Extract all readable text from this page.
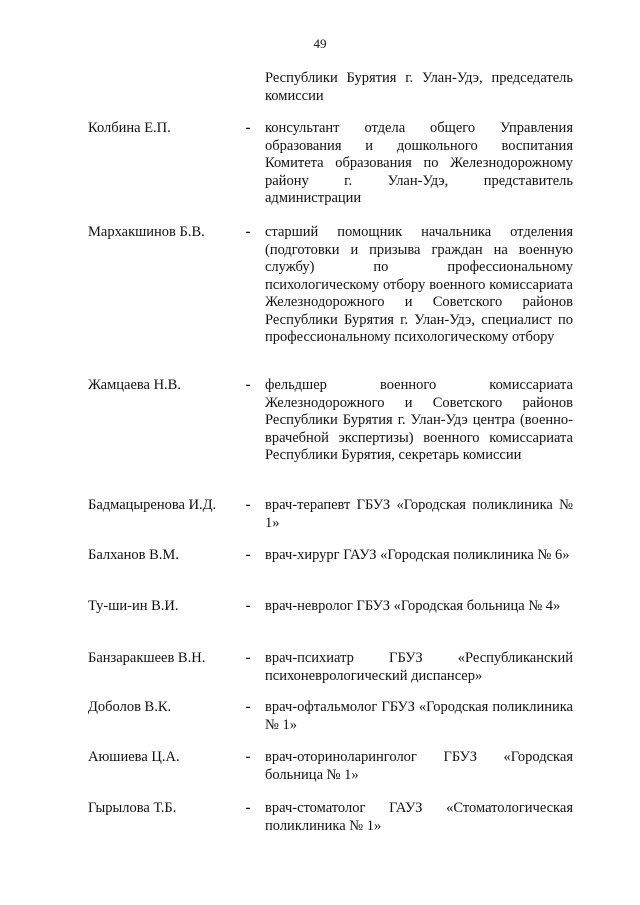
49
Республики Бурятия г. Улан-Удэ, председатель комиссии
Колбина Е.П.	- консультант отдела общего Управления образования и дошкольного воспитания Комитета образования по Железнодорожному району г. Улан-Удэ, представитель администрации
Мархакшинов Б.В.	- старший помощник начальника отделения (подготовки и призыва граждан на военную службу) по профессиональному психологическому отбору военного комиссариата Железнодорожного и Советского районов Республики Бурятия г. Улан-Удэ, специалист по профессиональному психологическому отбору
Жамцаева Н.В.	- фельдшер военного комиссариата Железнодорожного и Советского районов Республики Бурятия г. Улан-Удэ центра (военно-врачебной экспертизы) военного комиссариата Республики Бурятия, секретарь комиссии
Бадмацыренова И.Д.	- врач-терапевт ГБУЗ «Городская поликлиника № 1»
Балханов В.М.	- врач-хирург ГАУЗ «Городская поликлиника № 6»
Ту-ши-ин В.И.	- врач-невролог ГБУЗ «Городская больница № 4»
Банзаракшеев В.Н.	- врач-психиатр ГБУЗ «Республиканский психоневрологический диспансер»
Доболов В.К.	- врач-офтальмолог ГБУЗ «Городская поликлиника № 1»
Аюшиева Ц.А.	- врач-оториноларинголог ГБУЗ «Городская больница № 1»
Гырылова Т.Б.	- врач-стоматолог ГАУЗ «Стоматологическая поликлиника № 1»
